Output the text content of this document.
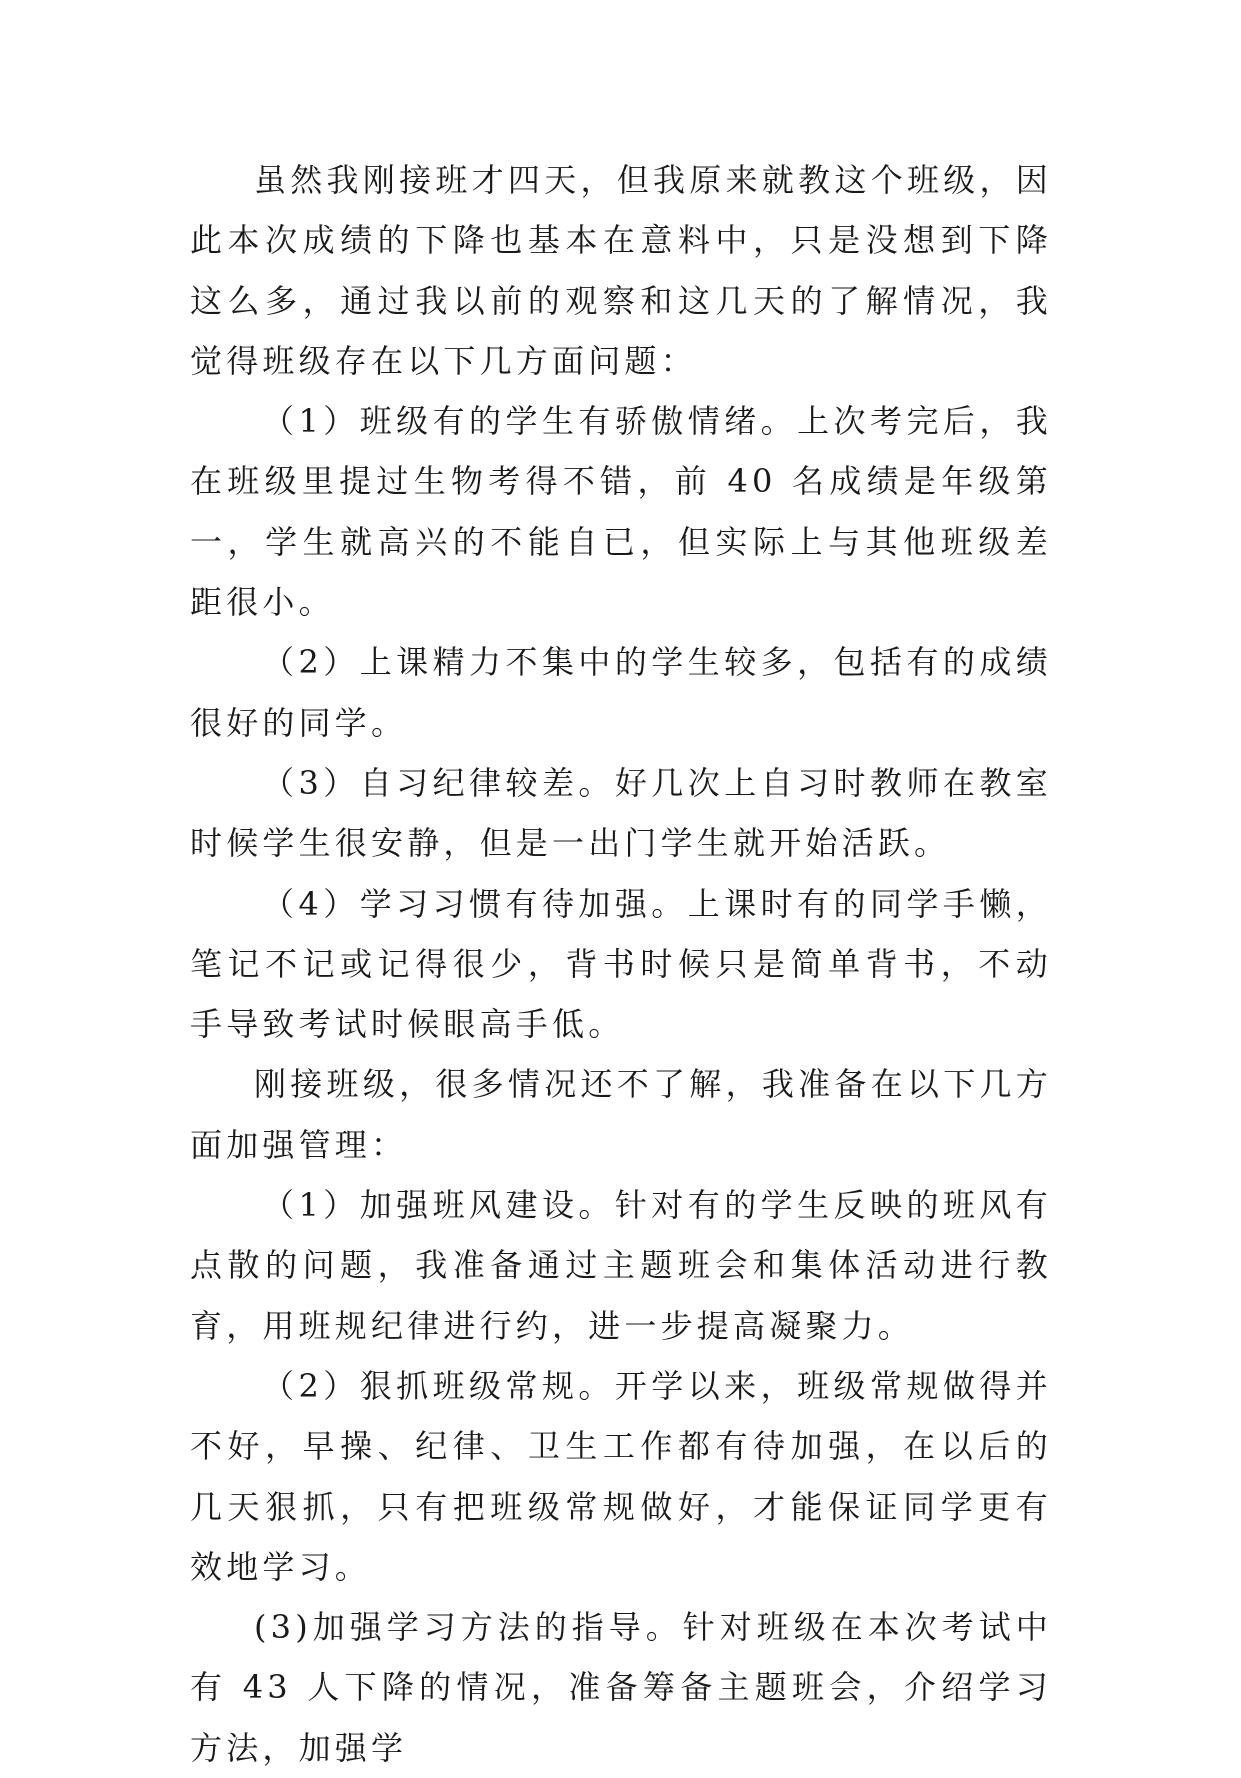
虽然我刚接班才四天，但我原来就教这个班级，因此本次成绩的下降也基本在意料中，只是没想到下降这么多，通过我以前的观察和这几天的了解情况，我觉得班级存在以下几方面问题：

（1）班级有的学生有骄傲情绪。上次考完后，我在班级里提过生物考得不错，前 40 名成绩是年级第一，学生就高兴的不能自已，但实际上与其他班级差距很小。

（2）上课精力不集中的学生较多，包括有的成绩很好的同学。

（3）自习纪律较差。好几次上自习时教师在教室时候学生很安静，但是一出门学生就开始活跃。

（4）学习习惯有待加强。上课时有的同学手懒，笔记不记或记得很少，背书时候只是简单背书，不动手导致考试时候眼高手低。

刚接班级，很多情况还不了解，我准备在以下几方面加强管理：

（1）加强班风建设。针对有的学生反映的班风有点散的问题，我准备通过主题班会和集体活动进行教育，用班规纪律进行约，进一步提高凝聚力。

（2）狠抓班级常规。开学以来，班级常规做得并不好，早操、纪律、卫生工作都有待加强，在以后的几天狠抓，只有把班级常规做好，才能保证同学更有效地学习。

(3)加强学习方法的指导。针对班级在本次考试中有 43 人下降的情况，准备筹备主题班会，介绍学习方法，加强学
